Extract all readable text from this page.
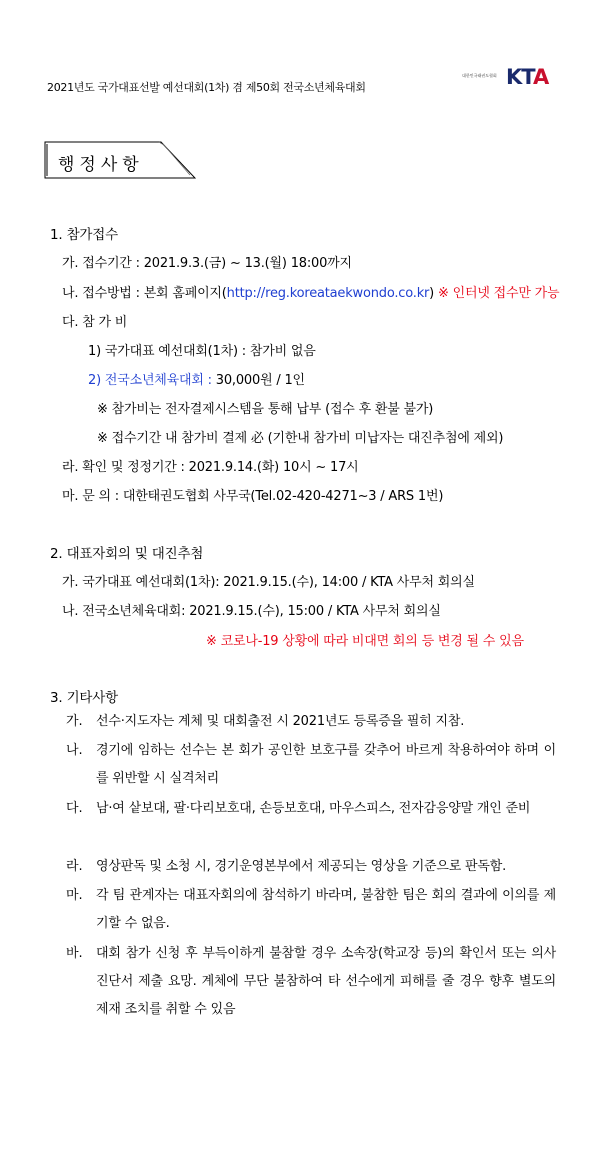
2021년도 국가대표선발 예선대회(1차) 겸 제50회 전국소년체육대회
대한민국태권도협회 KTA
행정사항
1. 참가접수
가. 접수기간 : 2021.9.3.(금) ~ 13.(월) 18:00까지
나. 접수방법 : 본회 홈페이지(http://reg.koreataekwondo.co.kr) ※ 인터넷 접수만 가능
다. 참 가 비
1) 국가대표 예선대회(1차) : 참가비 없음
2) 전국소년체육대회 : 30,000원 / 1인
※ 참가비는 전자결제시스템을 통해 납부 (접수 후 환불 불가)
※ 접수기간 내 참가비 결제 必 (기한내 참가비 미납자는 대진추첨에 제외)
라. 확인 및 정정기간 : 2021.9.14.(화) 10시 ~ 17시
마. 문 의 : 대한태권도협회 사무국(Tel.02-420-4271~3 / ARS 1번)
2. 대표자회의 및 대진추첨
가. 국가대표 예선대회(1차): 2021.9.15.(수), 14:00 / KTA 사무처 회의실
나. 전국소년체육대회: 2021.9.15.(수), 15:00 / KTA 사무처 회의실
※ 코로나-19 상황에 따라 비대면 회의 등 변경 될 수 있음
3. 기타사항
가. 선수·지도자는 계체 및 대회출전 시 2021년도 등록증을 필히 지참.
나. 경기에 임하는 선수는 본 회가 공인한 보호구를 갖추어 바르게 착용하여야 하며 이를 위반할 시 실격처리
다. 남·여 샅보대, 팔·다리보호대, 손등보호대, 마우스피스, 전자감응양말 개인 준비
라. 영상판독 및 소청 시, 경기운영본부에서 제공되는 영상을 기준으로 판독함.
마. 각 팀 관계자는 대표자회의에 참석하기 바라며, 불참한 팀은 회의 결과에 이의를 제기할 수 없음.
바. 대회 참가 신청 후 부득이하게 불참할 경우 소속장(학교장 등)의 확인서 또는 의사진단서 제출 요망. 계체에 무단 불참하여 타 선수에게 피해를 줄 경우 향후 별도의 제재 조치를 취할 수 있음
